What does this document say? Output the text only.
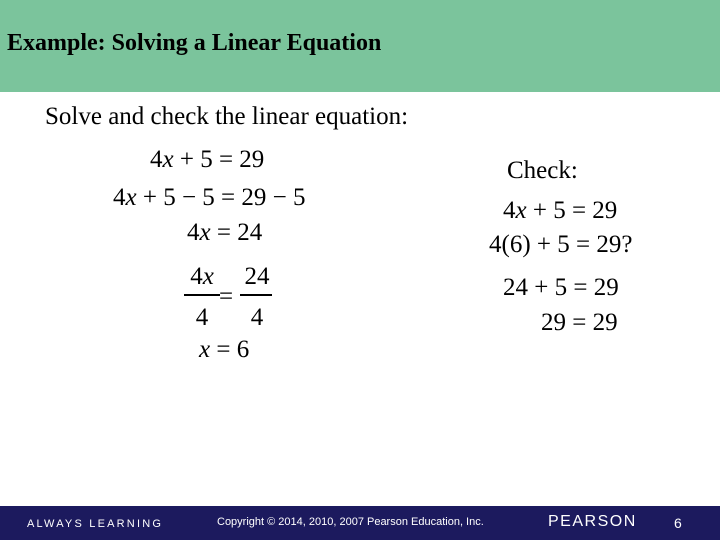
Example: Solving a Linear Equation
Solve and check the linear equation:
4x + 5 = 29
4x + 5 − 5 = 29 − 5
4x = 24
4x
4
=
24
4
x = 6
Check:
4x + 5 = 29
4(6) + 5 = 29?
24 + 5 = 29
29 = 29
ALWAYS LEARNING	Copyright © 2014, 2010, 2007 Pearson Education, Inc.	PEARSON	6
